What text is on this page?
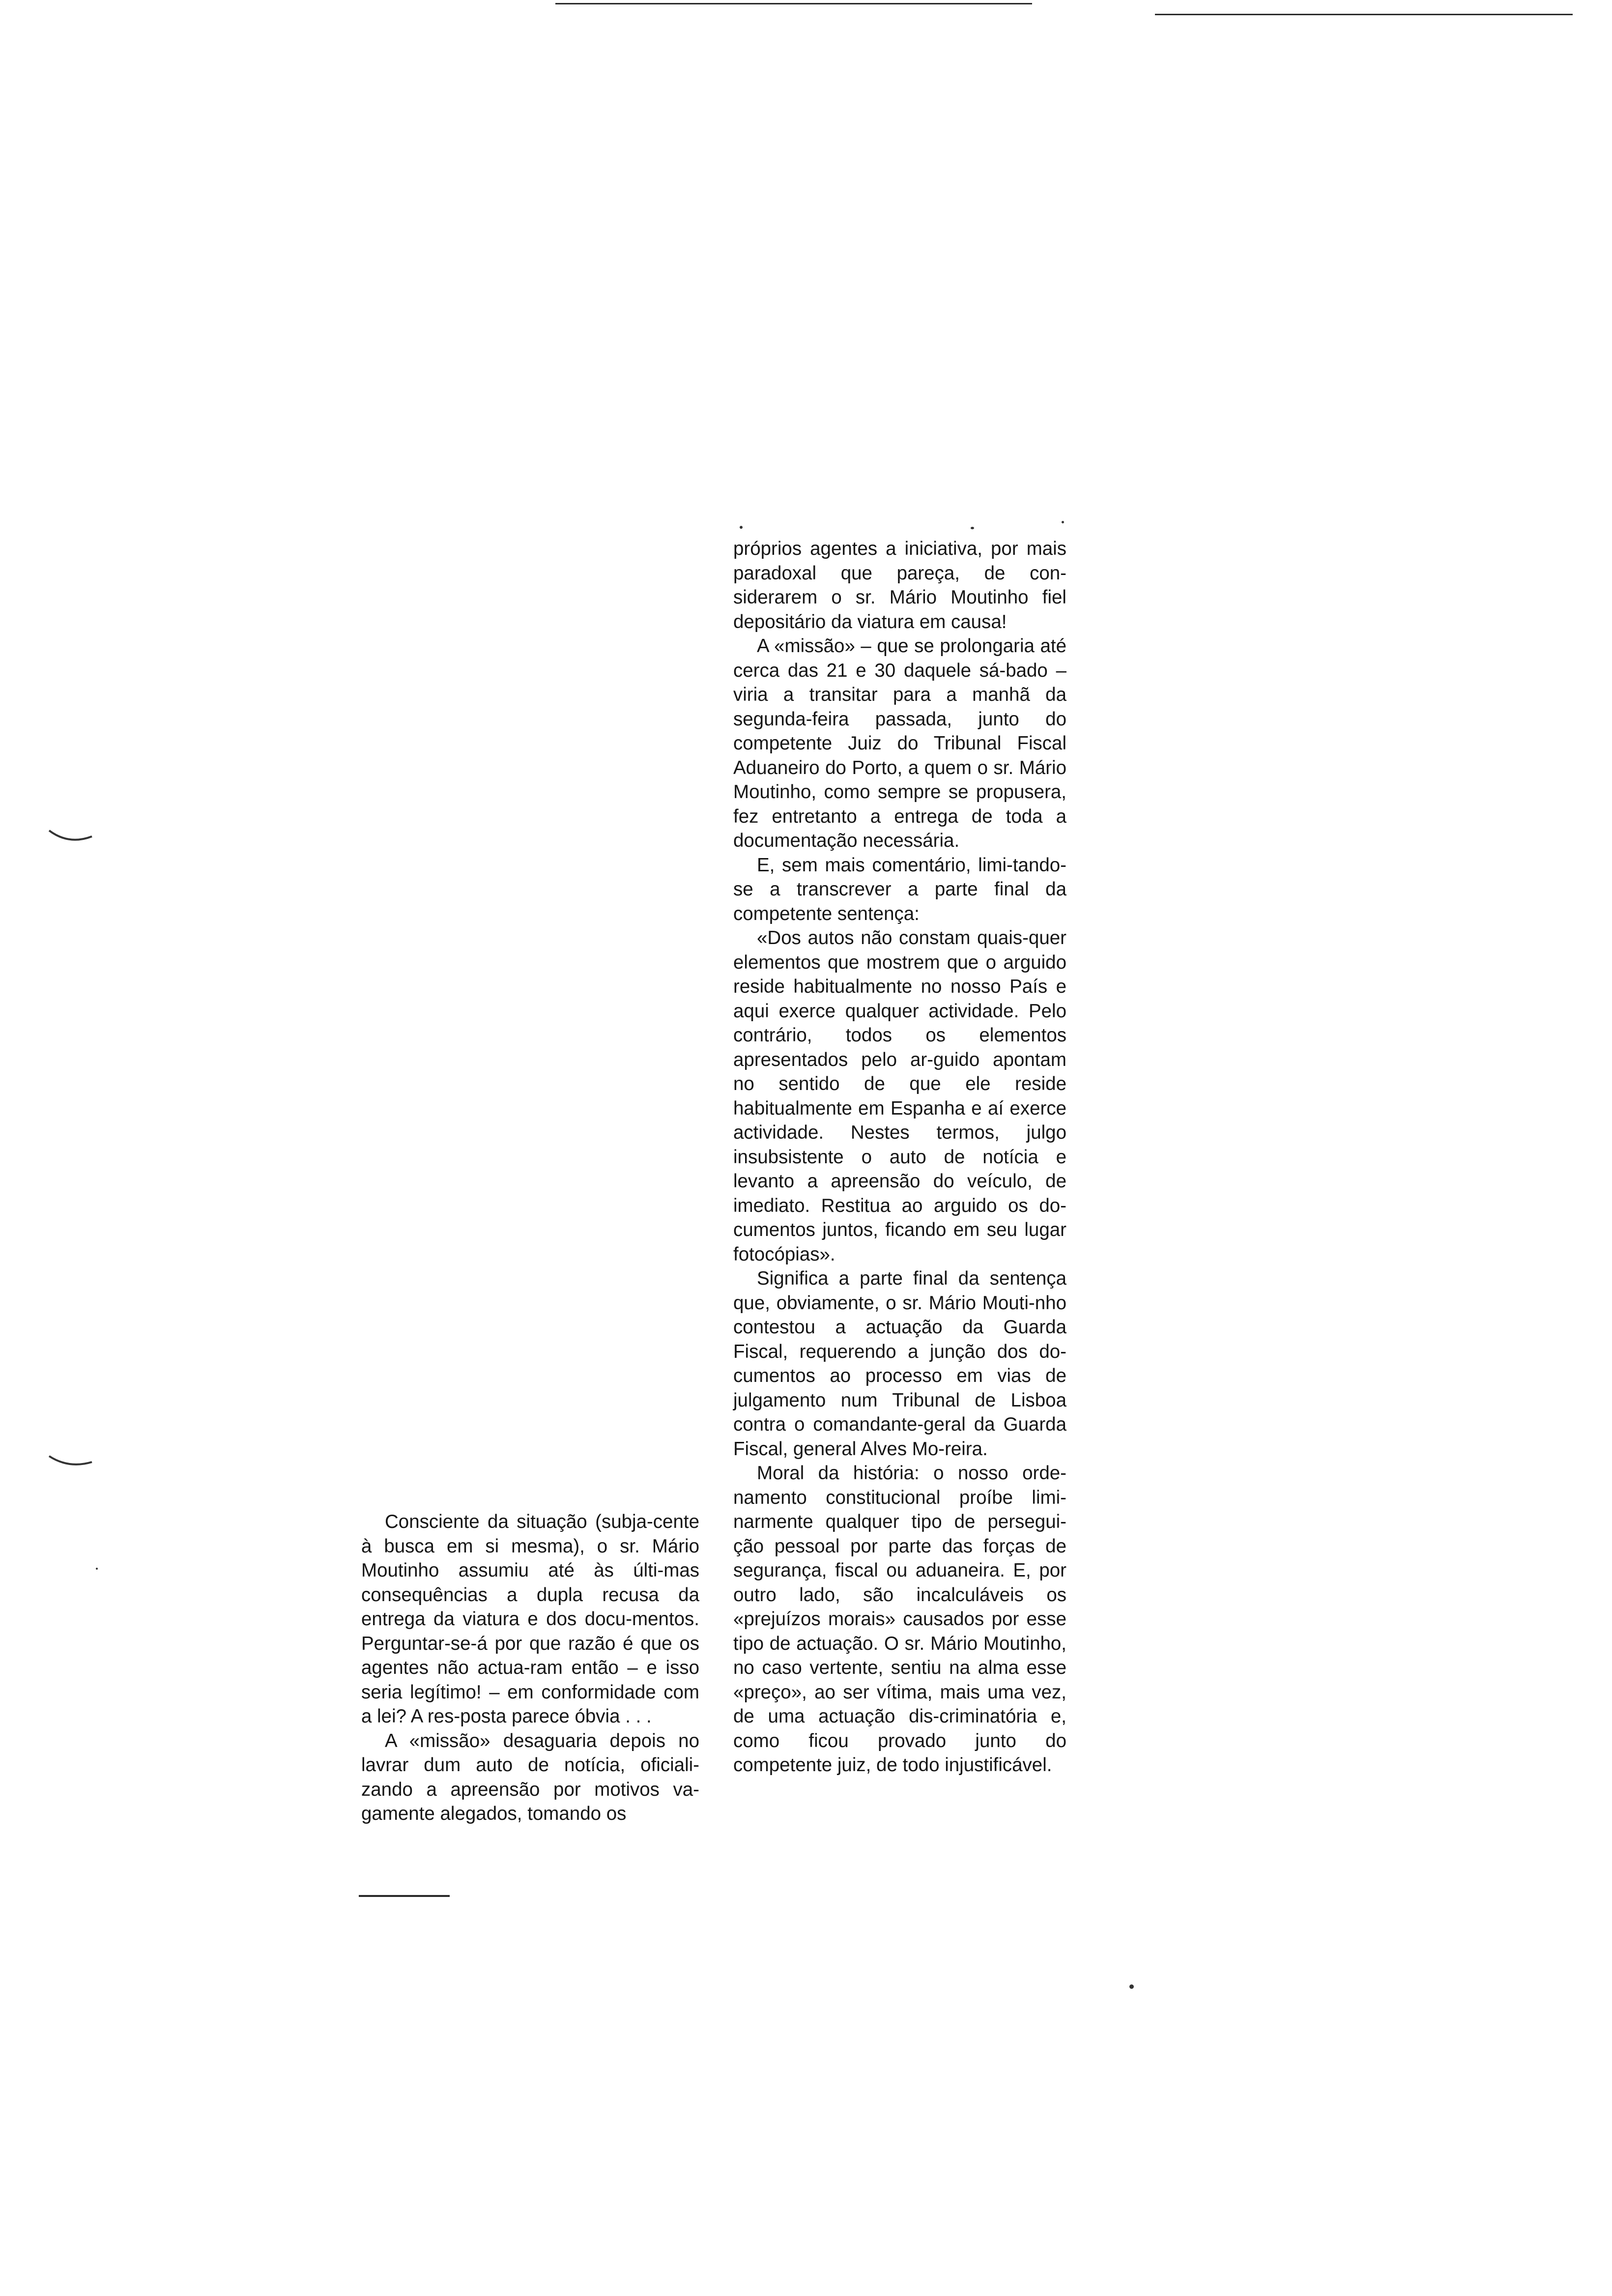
Consciente da situação (subja-cente à busca em si mesma), o sr. Mário Moutinho assumiu até às últi-mas consequências a dupla recusa da entrega da viatura e dos docu-mentos. Perguntar-se-á por que razão é que os agentes não actua-ram então – e isso seria legítimo! – em conformidade com a lei? A res-posta parece óbvia . . .

A «missão» desaguaria depois no lavrar dum auto de notícia, oficiali-zando a apreensão por motivos va-gamente alegados, tomando os

próprios agentes a iniciativa, por mais paradoxal que pareça, de con-siderarem o sr. Mário Moutinho fiel depositário da viatura em causa!

A «missão» – que se prolongaria até cerca das 21 e 30 daquele sá-bado – viria a transitar para a manhã da segunda-feira passada, junto do competente Juiz do Tribunal Fiscal Aduaneiro do Porto, a quem o sr. Mário Moutinho, como sempre se propusera, fez entretanto a entrega de toda a documentação necessária.

E, sem mais comentário, limi-tando-se a transcrever a parte final da competente sentença:

«Dos autos não constam quais-quer elementos que mostrem que o arguido reside habitualmente no nosso País e aqui exerce qualquer actividade. Pelo contrário, todos os elementos apresentados pelo ar-guido apontam no sentido de que ele reside habitualmente em Espanha e aí exerce actividade. Nestes termos, julgo insubsistente o auto de notícia e levanto a apreensão do veículo, de imediato. Restitua ao arguido os do-cumentos juntos, ficando em seu lugar fotocópias».

Significa a parte final da sentença que, obviamente, o sr. Mário Mouti-nho contestou a actuação da Guarda Fiscal, requerendo a junção dos do-cumentos ao processo em vias de julgamento num Tribunal de Lisboa contra o comandante-geral da Guarda Fiscal, general Alves Mo-reira.

Moral da história: o nosso orde-namento constitucional proíbe limi-narmente qualquer tipo de persegui-ção pessoal por parte das forças de segurança, fiscal ou aduaneira. E, por outro lado, são incalculáveis os «prejuízos morais» causados por esse tipo de actuação. O sr. Mário Moutinho, no caso vertente, sentiu na alma esse «preço», ao ser vítima, mais uma vez, de uma actuação dis-criminatória e, como ficou provado junto do competente juiz, de todo injustificável.
